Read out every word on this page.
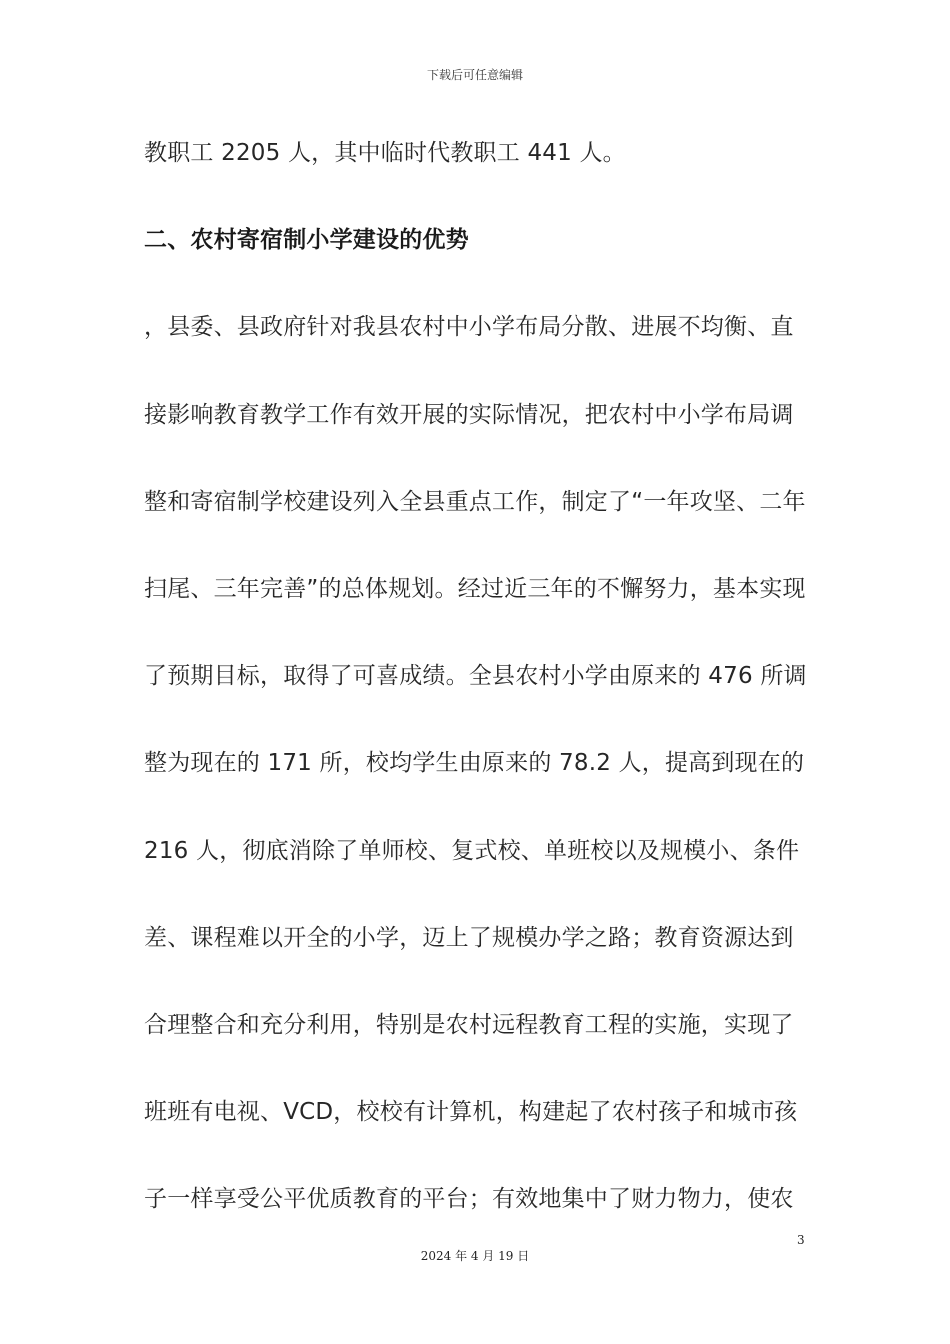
下载后可任意编辑
教职工 2205 人，其中临时代教职工 441 人。
二、农村寄宿制小学建设的优势
，县委、县政府针对我县农村中小学布局分散、进展不均衡、直
接影响教育教学工作有效开展的实际情况，把农村中小学布局调
整和寄宿制学校建设列入全县重点工作，制定了“一年攻坚、二年
扫尾、三年完善”的总体规划。经过近三年的不懈努力，基本实现
了预期目标，取得了可喜成绩。全县农村小学由原来的 476 所调
整为现在的 171 所，校均学生由原来的 78.2 人，提高到现在的
216 人，彻底消除了单师校、复式校、单班校以及规模小、条件
差、课程难以开全的小学，迈上了规模办学之路；教育资源达到
合理整合和充分利用，特别是农村远程教育工程的实施，实现了
班班有电视、VCD，校校有计算机，构建起了农村孩子和城市孩
子一样享受公平优质教育的平台；有效地集中了财力物力，使农
3
2024 年 4 月 19 日
